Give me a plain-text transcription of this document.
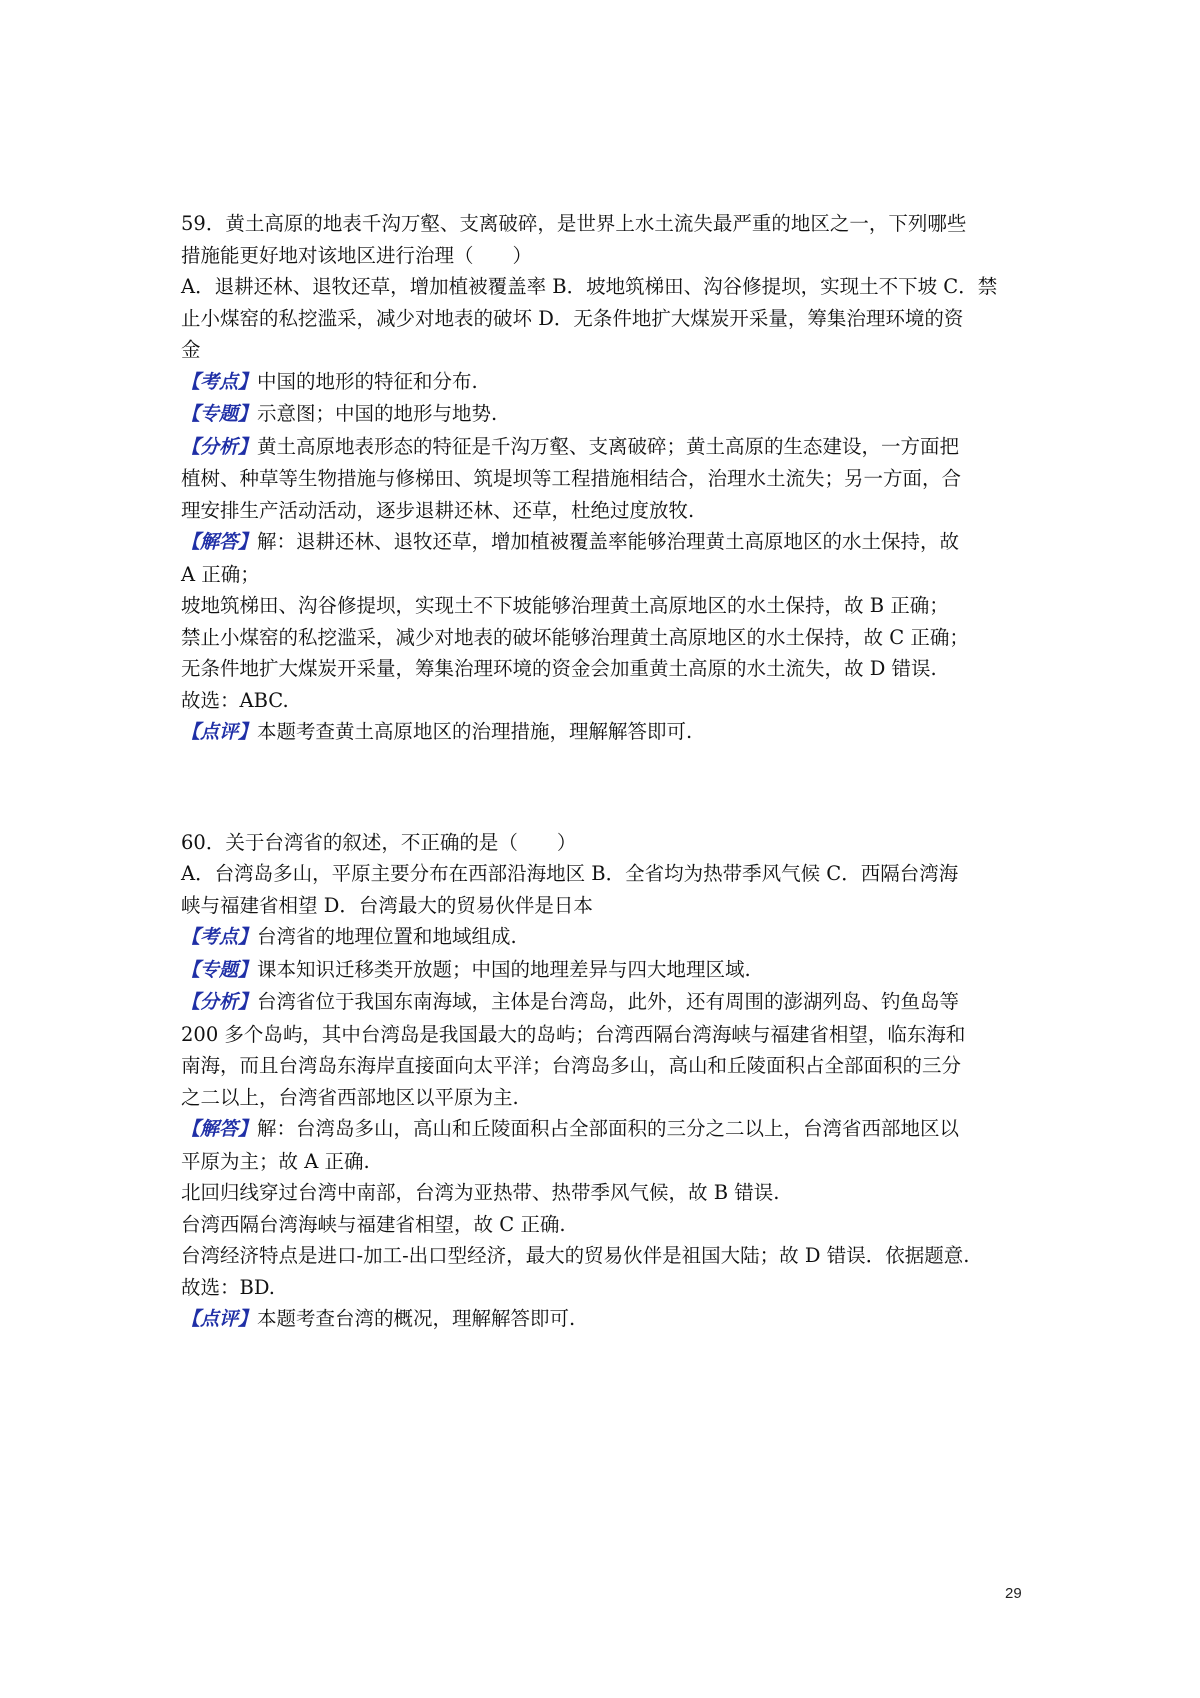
59．黄土高原的地表千沟万壑、支离破碎，是世界上水土流失最严重的地区之一，下列哪些
措施能更好地对该地区进行治理（　　）
A．退耕还林、退牧还草，增加植被覆盖率 B．坡地筑梯田、沟谷修提坝，实现土不下坡 C．禁
止小煤窑的私挖滥采，减少对地表的破坏 D．无条件地扩大煤炭开采量，筹集治理环境的资
金
【考点】中国的地形的特征和分布.
【专题】示意图；中国的地形与地势.
【分析】黄土高原地表形态的特征是千沟万壑、支离破碎；黄土高原的生态建设，一方面把
植树、种草等生物措施与修梯田、筑堤坝等工程措施相结合，治理水土流失；另一方面，合
理安排生产活动活动，逐步退耕还林、还草，杜绝过度放牧.
【解答】解：退耕还林、退牧还草，增加植被覆盖率能够治理黄土高原地区的水土保持，故
A 正确；
坡地筑梯田、沟谷修提坝，实现土不下坡能够治理黄土高原地区的水土保持，故 B 正确；
禁止小煤窑的私挖滥采，减少对地表的破坏能够治理黄土高原地区的水土保持，故 C 正确；
无条件地扩大煤炭开采量，筹集治理环境的资金会加重黄土高原的水土流失，故 D 错误.
故选：ABC.
【点评】本题考查黄土高原地区的治理措施，理解解答即可.
60．关于台湾省的叙述，不正确的是（　　）
A．台湾岛多山，平原主要分布在西部沿海地区 B．全省均为热带季风气候 C．西隔台湾海
峡与福建省相望 D．台湾最大的贸易伙伴是日本
【考点】台湾省的地理位置和地域组成.
【专题】课本知识迁移类开放题；中国的地理差异与四大地理区域.
【分析】台湾省位于我国东南海域，主体是台湾岛，此外，还有周围的澎湖列岛、钓鱼岛等
200 多个岛屿，其中台湾岛是我国最大的岛屿；台湾西隔台湾海峡与福建省相望，临东海和
南海，而且台湾岛东海岸直接面向太平洋；台湾岛多山，高山和丘陵面积占全部面积的三分
之二以上，台湾省西部地区以平原为主.
【解答】解：台湾岛多山，高山和丘陵面积占全部面积的三分之二以上，台湾省西部地区以
平原为主；故 A 正确.
北回归线穿过台湾中南部，台湾为亚热带、热带季风气候，故 B 错误.
台湾西隔台湾海峡与福建省相望，故 C 正确.
台湾经济特点是进口-加工-出口型经济，最大的贸易伙伴是祖国大陆；故 D 错误．依据题意.
故选：BD.
【点评】本题考查台湾的概况，理解解答即可.
29
